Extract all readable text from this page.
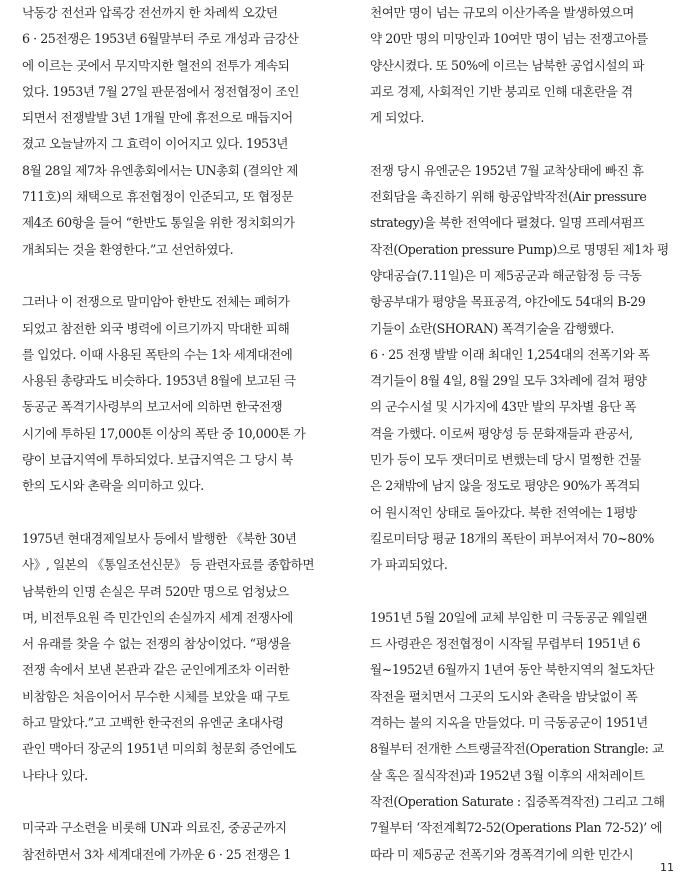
낙동강 전선과 압록강 전선까지 한 차례씩 오갔던
6 · 25전쟁은 1953년 6월말부터 주로 개성과 금강산
에 이르는 곳에서 무지막지한 혈전의 전투가 계속되
었다. 1953년 7월 27일 판문점에서 정전협정이 조인
되면서 전쟁발발 3년 1개월 만에 휴전으로 매듭지어
졌고 오늘날까지 그 효력이 이어지고 있다. 1953년
8월 28일 제7차 유엔총회에서는 UN총회 (결의안 제
711호)의 채택으로 휴전협정이 인준되고, 또 협정문
제4조 60항을 들어 “한반도 통일을 위한 정치회의가
개최되는 것을 환영한다.”고 선언하였다.
그러나 이 전쟁으로 말미암아 한반도 전체는 폐허가
되었고 참전한 외국 병력에 이르기까지 막대한 피해
를 입었다. 이때 사용된 폭탄의 수는 1차 세계대전에
사용된 총량과도 비슷하다. 1953년 8월에 보고된 극
동공군 폭격기사령부의 보고서에 의하면 한국전쟁
시기에 투하된 17,000톤 이상의 폭탄 중 10,000톤 가
량이 보급지역에 투하되었다. 보급지역은 그 당시 북
한의 도시와 촌락을 의미하고 있다.
1975년 현대경제일보사 등에서 발행한 《북한 30년
사》, 일본의 《통일조선신문》 등 관련자료를 종합하면
남북한의 인명 손실은 무려 520만 명으로 엄청났으
며, 비전투요원 즉 민간인의 손실까지 세계 전쟁사에
서 유래를 찾을 수 없는 전쟁의 참상이었다. “평생을
전쟁 속에서 보낸 본관과 같은 군인에게조차 이러한
비참함은 처음이어서 무수한 시체를 보았을 때 구토
하고 말았다.”고 고백한 한국전의 유엔군 초대사령
관인 맥아더 장군의 1951년 미의회 청문회 증언에도
나타나 있다.
미국과 구소련을 비롯해 UN과 의료진, 중공군까지
참전하면서 3차 세계대전에 가까운 6 · 25 전쟁은 1
천여만 명이 넘는 규모의 이산가족을 발생하였으며
약 20만 명의 미망인과 10여만 명이 넘는 전쟁고아를
양산시켰다. 또 50%에 이르는 남북한 공업시설의 파
괴로 경제, 사회적인 기반 붕괴로 인해 대혼란을 겪
게 되었다.
전쟁 당시 유엔군은 1952년 7월 교착상태에 빠진 휴
전회담을 촉진하기 위해 항공압박작전(Air pressure
strategy)을 북한 전역에다 펼쳤다. 일명 프레셔펌프
작전(Operation pressure Pump)으로 명명된 제1차 평
양대공습(7.11일)은 미 제5공군과 해군함정 등 극동
항공부대가 평양을 목표공격, 야간에도 54대의 B-29
기들이 쇼란(SHORAN) 폭격기술을 감행했다.
6 · 25 전쟁 발발 이래 최대인 1,254대의 전폭기와 폭
격기들이 8월 4일, 8월 29일 모두 3차례에 걸쳐 평양
의 군수시설 및 시가지에 43만 발의 무차별 융단 폭
격을 가했다. 이로써 평양성 등 문화재들과 관공서,
민가 등이 모두 잿더미로 변했는데 당시 멀쩡한 건물
은 2채밖에 남지 않을 정도로 평양은 90%가 폭격되
어 원시적인 상태로 돌아갔다. 북한 전역에는 1평방
킬로미터당 평균 18개의 폭탄이 퍼부어져서 70~80%
가 파괴되었다.
1951년 5월 20일에 교체 부임한 미 극동공군 웨일랜
드 사령관은 정전협정이 시작될 무렵부터 1951년 6
월~1952년 6월까지 1년여 동안 북한지역의 철도차단
작전을 펼치면서 그곳의 도시와 촌락을 밤낮없이 폭
격하는 불의 지옥을 만들었다. 미 극동공군이 1951년
8월부터 전개한 스트랭글작전(Operation Strangle: 교
살 혹은 질식작전)과 1952년 3월 이후의 새처레이트
작전(Operation Saturate : 집중폭격작전) 그리고 그해
7월부터 ‘작전계획72-52(Operations Plan 72-52)’ 에
따라 미 제5공군 전폭기와 경폭격기에 의한 민간시
11
